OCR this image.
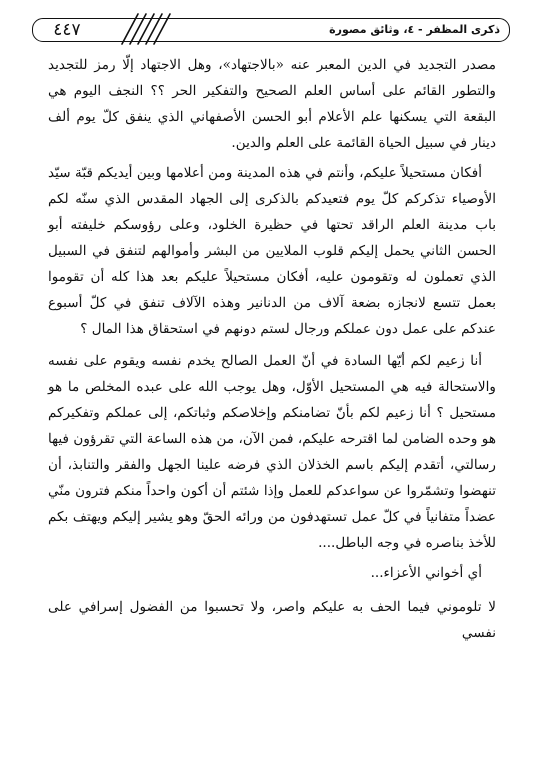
٤٤٧	ذكرى المظفر - ٤، وثائق مصورة

مصدر التجديد في الدين المعبر عنه «بالاجتهاد»، وهل الاجتهاد إلّا رمز للتجديد والتطور القائم على أساس العلم الصحيح والتفكير الحر ؟؟ النجف اليوم هي البقعة التي يسكنها علم الأعلام أبو الحسن الأصفهاني الذي ينفق كلّ يوم ألف دينار في سبيل الحياة القائمة على العلم والدين.

أفكان مستحيلاً عليكم، وأنتم في هذه المدينة ومن أعلامها وبين أيديكم قبّة سيّد الأوصياء تذكركم كلّ يوم فتعيدكم بالذكرى إلى الجهاد المقدس الذي سنّه لكم باب مدينة العلم الراقد تحتها في حظيرة الخلود، وعلى رؤوسكم خليفته أبو الحسن الثاني يحمل إليكم قلوب الملايين من البشر وأموالهم لتنفق في السبيل الذي تعملون له وتقومون عليه، أفكان مستحيلاً عليكم بعد هذا كله أن تقوموا بعمل تتسع لانجازه بضعة آلاف من الدنانير وهذه الآلاف تنفق في كلّ أسبوع عندكم على عمل دون عملكم ورجال لستم دونهم في استحقاق هذا المال ؟

أنا زعيم لكم أيّها السادة في أنّ العمل الصالح يخدم نفسه ويقوم على نفسه والاستحالة فيه هي المستحيل الأوّل، وهل يوجب الله على عبده المخلص ما هو مستحيل ؟ أنا زعيم لكم بأنّ تضامنكم وإخلاصكم وثباتكم، إلى عملكم وتفكيركم هو وحده الضامن لما اقترحه عليكم، فمن الآن، من هذه الساعة التي تقرؤون فيها رسالتي، أتقدم إليكم باسم الخذلان الذي فرضه علينا الجهل والفقر والتنابذ، أن تنهضوا وتشمّروا عن سواعدكم للعمل وإذا شئتم أن أكون واحداً منكم فترون منّي عضداً متفانياً في كلّ عمل تستهدفون من ورائه الحقّ وهو يشير إليكم ويهتف بكم للأخذ بناصره في وجه الباطل....

أي أخواني الأعزاء...

لا تلوموني فيما الحف به عليكم واصر، ولا تحسبوا من الفضول إسرافي على نفسي
